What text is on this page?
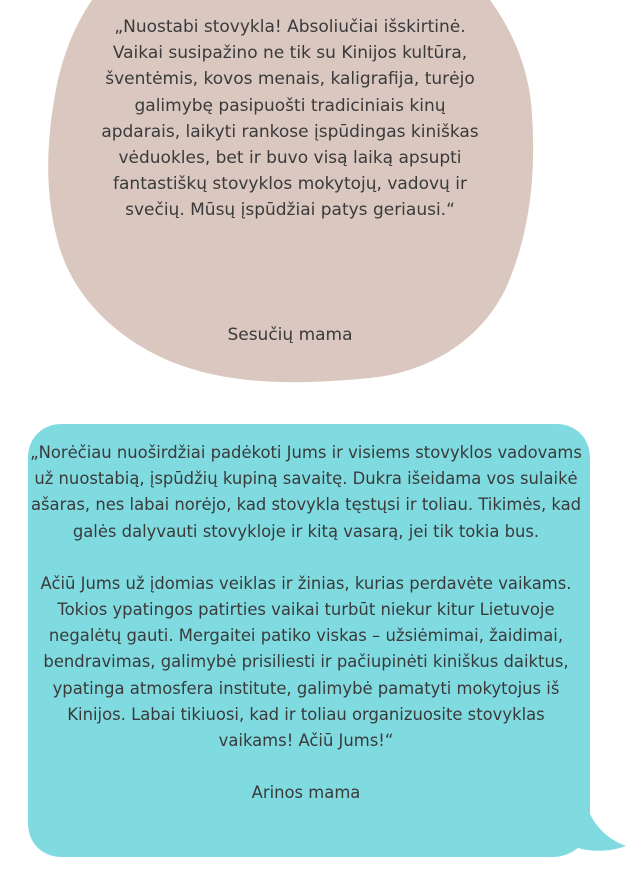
„Nuostabi stovykla! Absoliučiai išskirtinė. Vaikai susipažino ne tik su Kinijos kultūra, šventėmis, kovos menais, kaligrafija, turėjo galimybę pasipuošti tradiciniais kinų apdarais, laikyti rankose įspūdingas kiniškas vėduokles, bet ir buvo visą laiką apsupti fantastiškų stovyklos mokytojų, vadovų ir svečių. Mūsų įspūdžiai patys geriausi.“

Sesučių mama

„Norėčiau nuoširdžiai padėkoti Jums ir visiems stovyklos vadovams už nuostabią, įspūdžių kupiną savaitę. Dukra išeidama vos sulaikė ašaras, nes labai norėjo, kad stovykla tęstųsi ir toliau. Tikimės, kad galės dalyvauti stovykloje ir kitą vasarą, jei tik tokia bus.

Ačiū Jums už įdomias veiklas ir žinias, kurias perdavėte vaikams. Tokios ypatingos patirties vaikai turbūt niekur kitur Lietuvoje negalėtų gauti. Mergaitei patiko viskas – užsiėmimai, žaidimai, bendravimas, galimybė prisiliesti ir pačiupinėti kiniškus daiktus, ypatinga atmosfera institute, galimybė pamatyti mokytojus iš Kinijos. Labai tikiuosi, kad ir toliau organizuosite stovyklas vaikams! Ačiū Jums!“

Arinos mama
